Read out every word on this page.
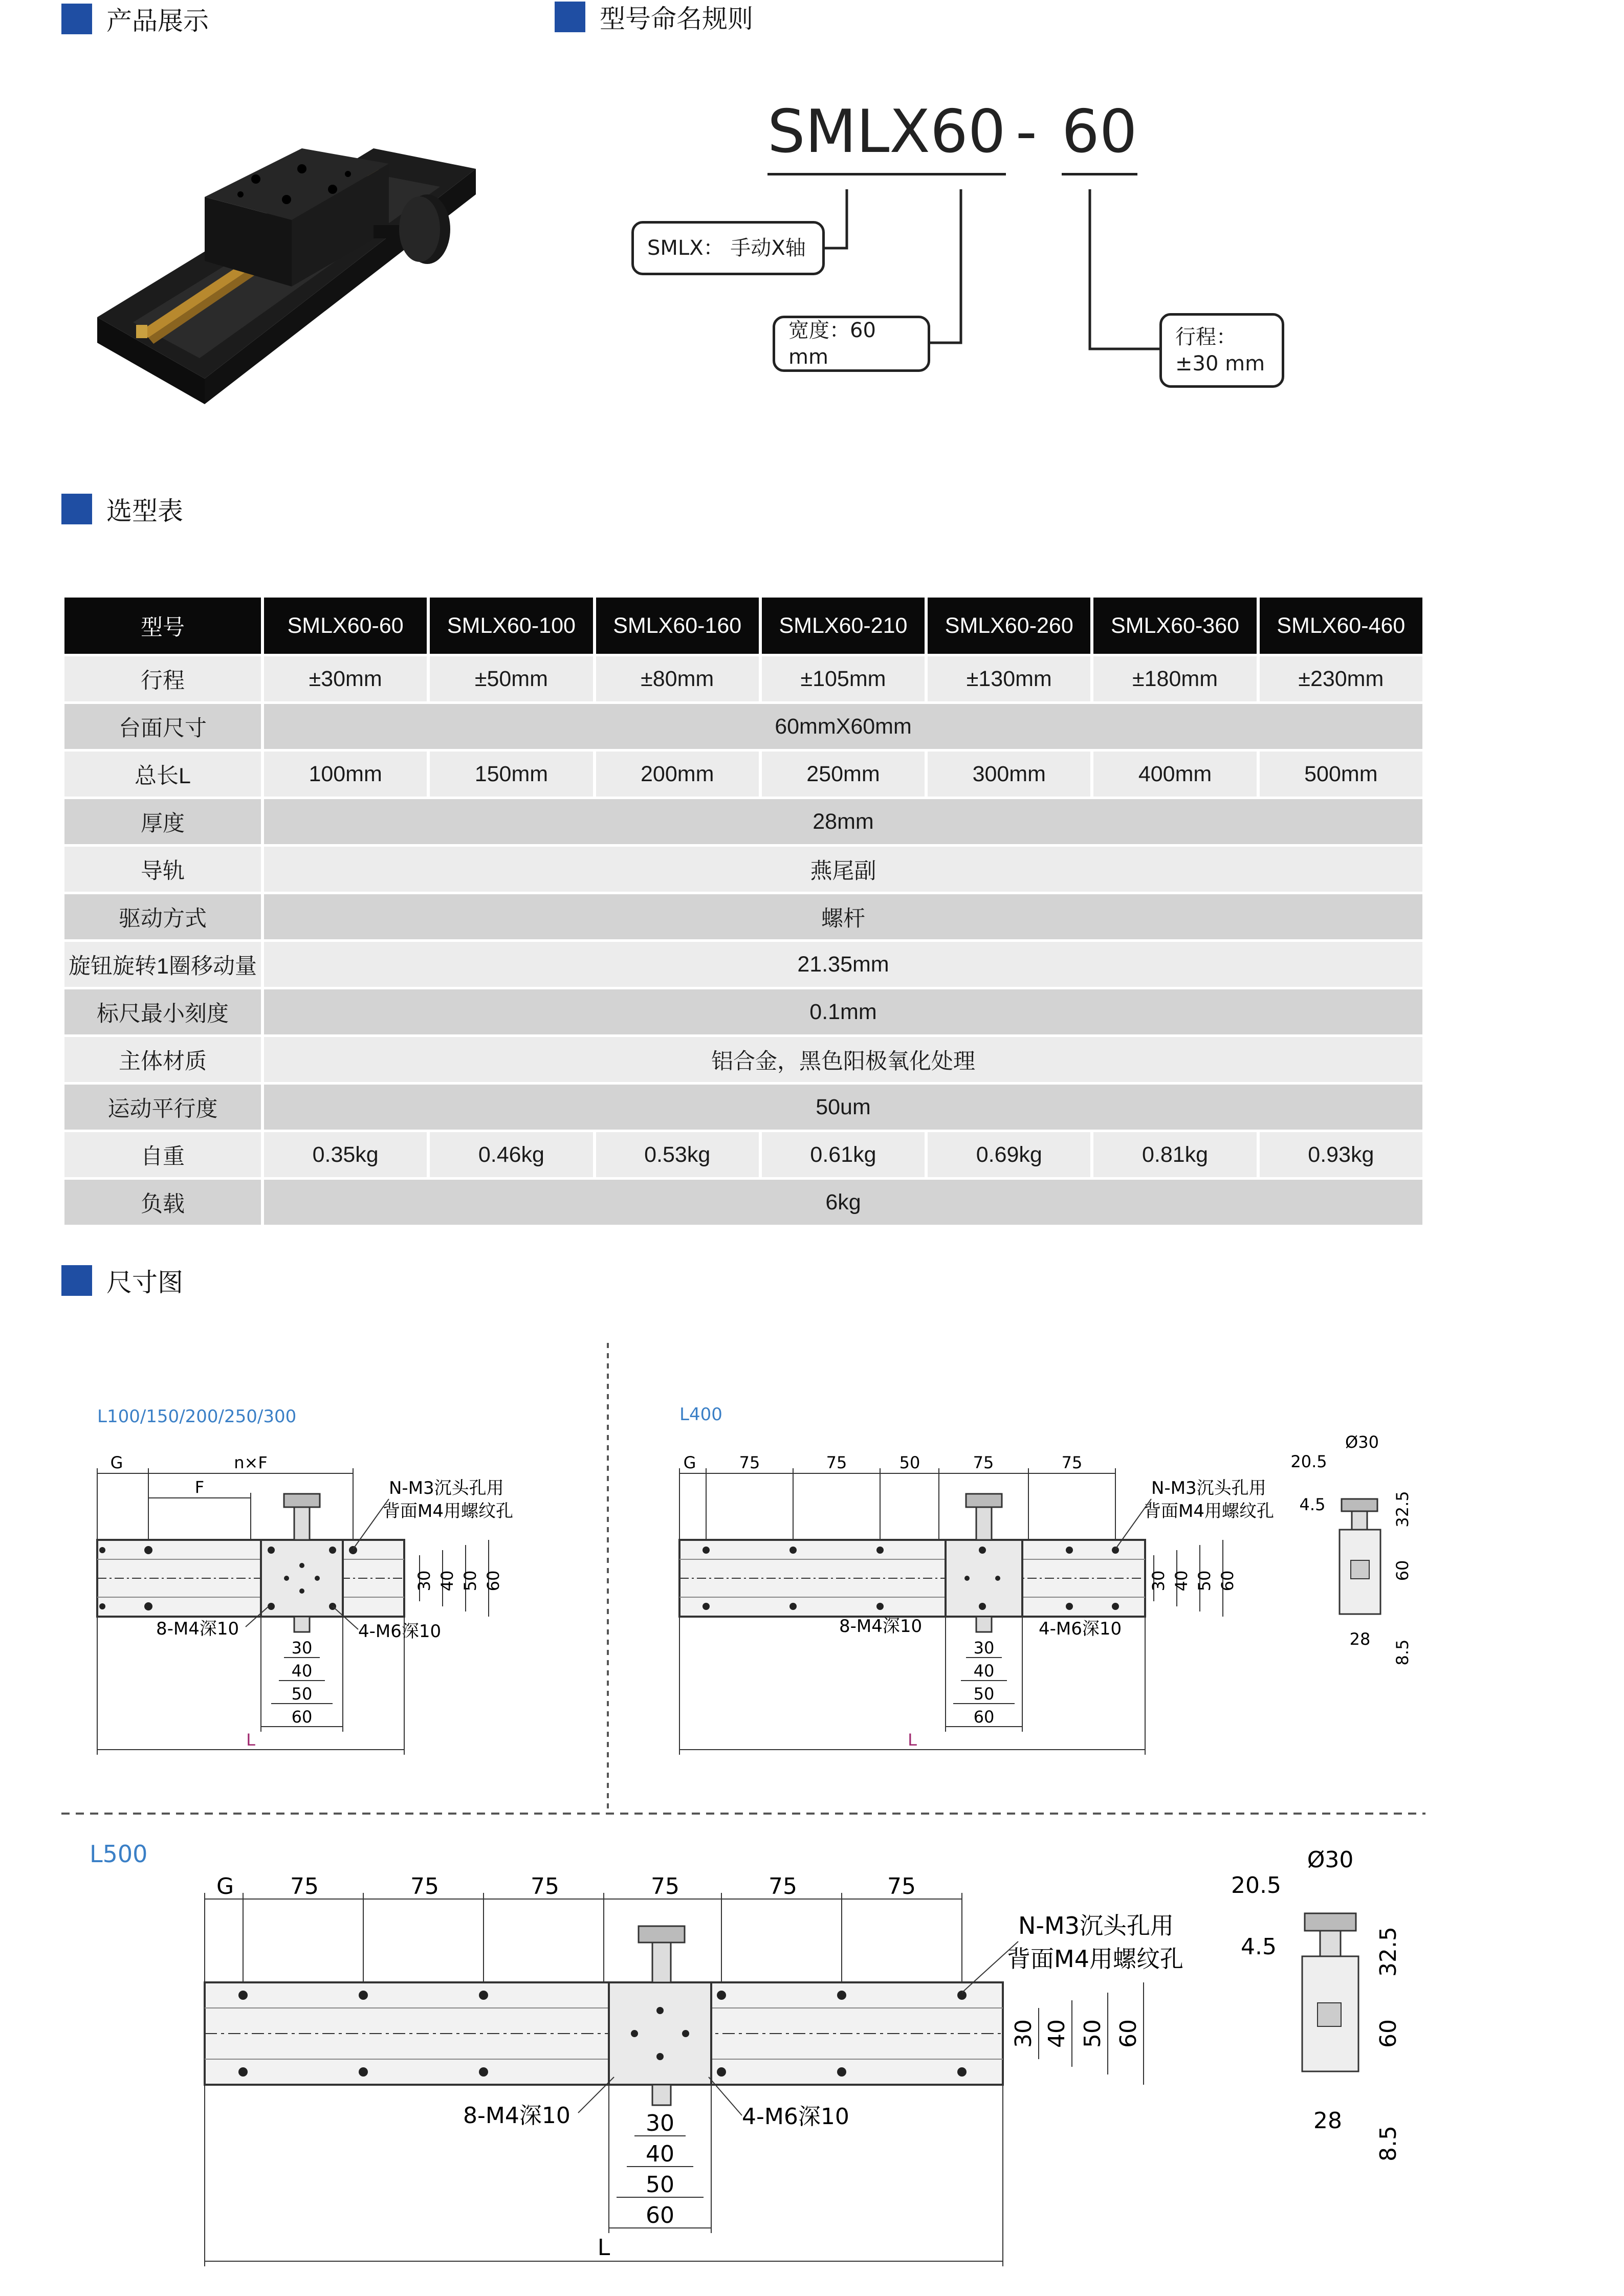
产品展示	型号命名规则
选型表
尺寸图
SMLX 60 - 60
SMLX： 手动X轴
宽度：60 mm
行程：
±30 mm
型号	SMLX60-60	SMLX60-100	SMLX60-160	SMLX60-210	SMLX60-260	SMLX60-360	SMLX60-460
行程	±30mm	±50mm	±80mm	±105mm	±130mm	±180mm	±230mm
台面尺寸	60mmX60mm						
总长L	100mm	150mm	200mm	250mm	300mm	400mm	500mm
厚度	28mm						
导轨	燕尾副						
驱动方式	螺杆						
旋钮旋转1圈移动量	21.35mm						
标尺最小刻度	0.1mm						
主体材质	铝合金，黑色阳极氧化处理						
运动平行度	50um						
自重	0.35kg	0.46kg	0.53kg	0.61kg	0.69kg	0.81kg	0.93kg
负载	6kg						
L100/150/200/250/300
G	n×F
F	N-M3沉头孔用
背面M4用螺纹孔
8-M4深10	4-M6深10
30 40 50 60
30
40
50
60
L
L400
G	75	75	50	75	75
N-M3沉头孔用
背面M4用螺纹孔
8-M4深10	4-M6深10
30 40 50 60
30
40
50
60
L
Ø30
20.5
4.5	32.5
60
28
8.5
L500
G 75	75	75	75	75	75
N-M3沉头孔用
背面M4用螺纹孔
8-M4深10	4-M6深10
30 40 50 60
30
40
50
60
L
Ø30
20.5
4.5	32.5
60
28
8.5
